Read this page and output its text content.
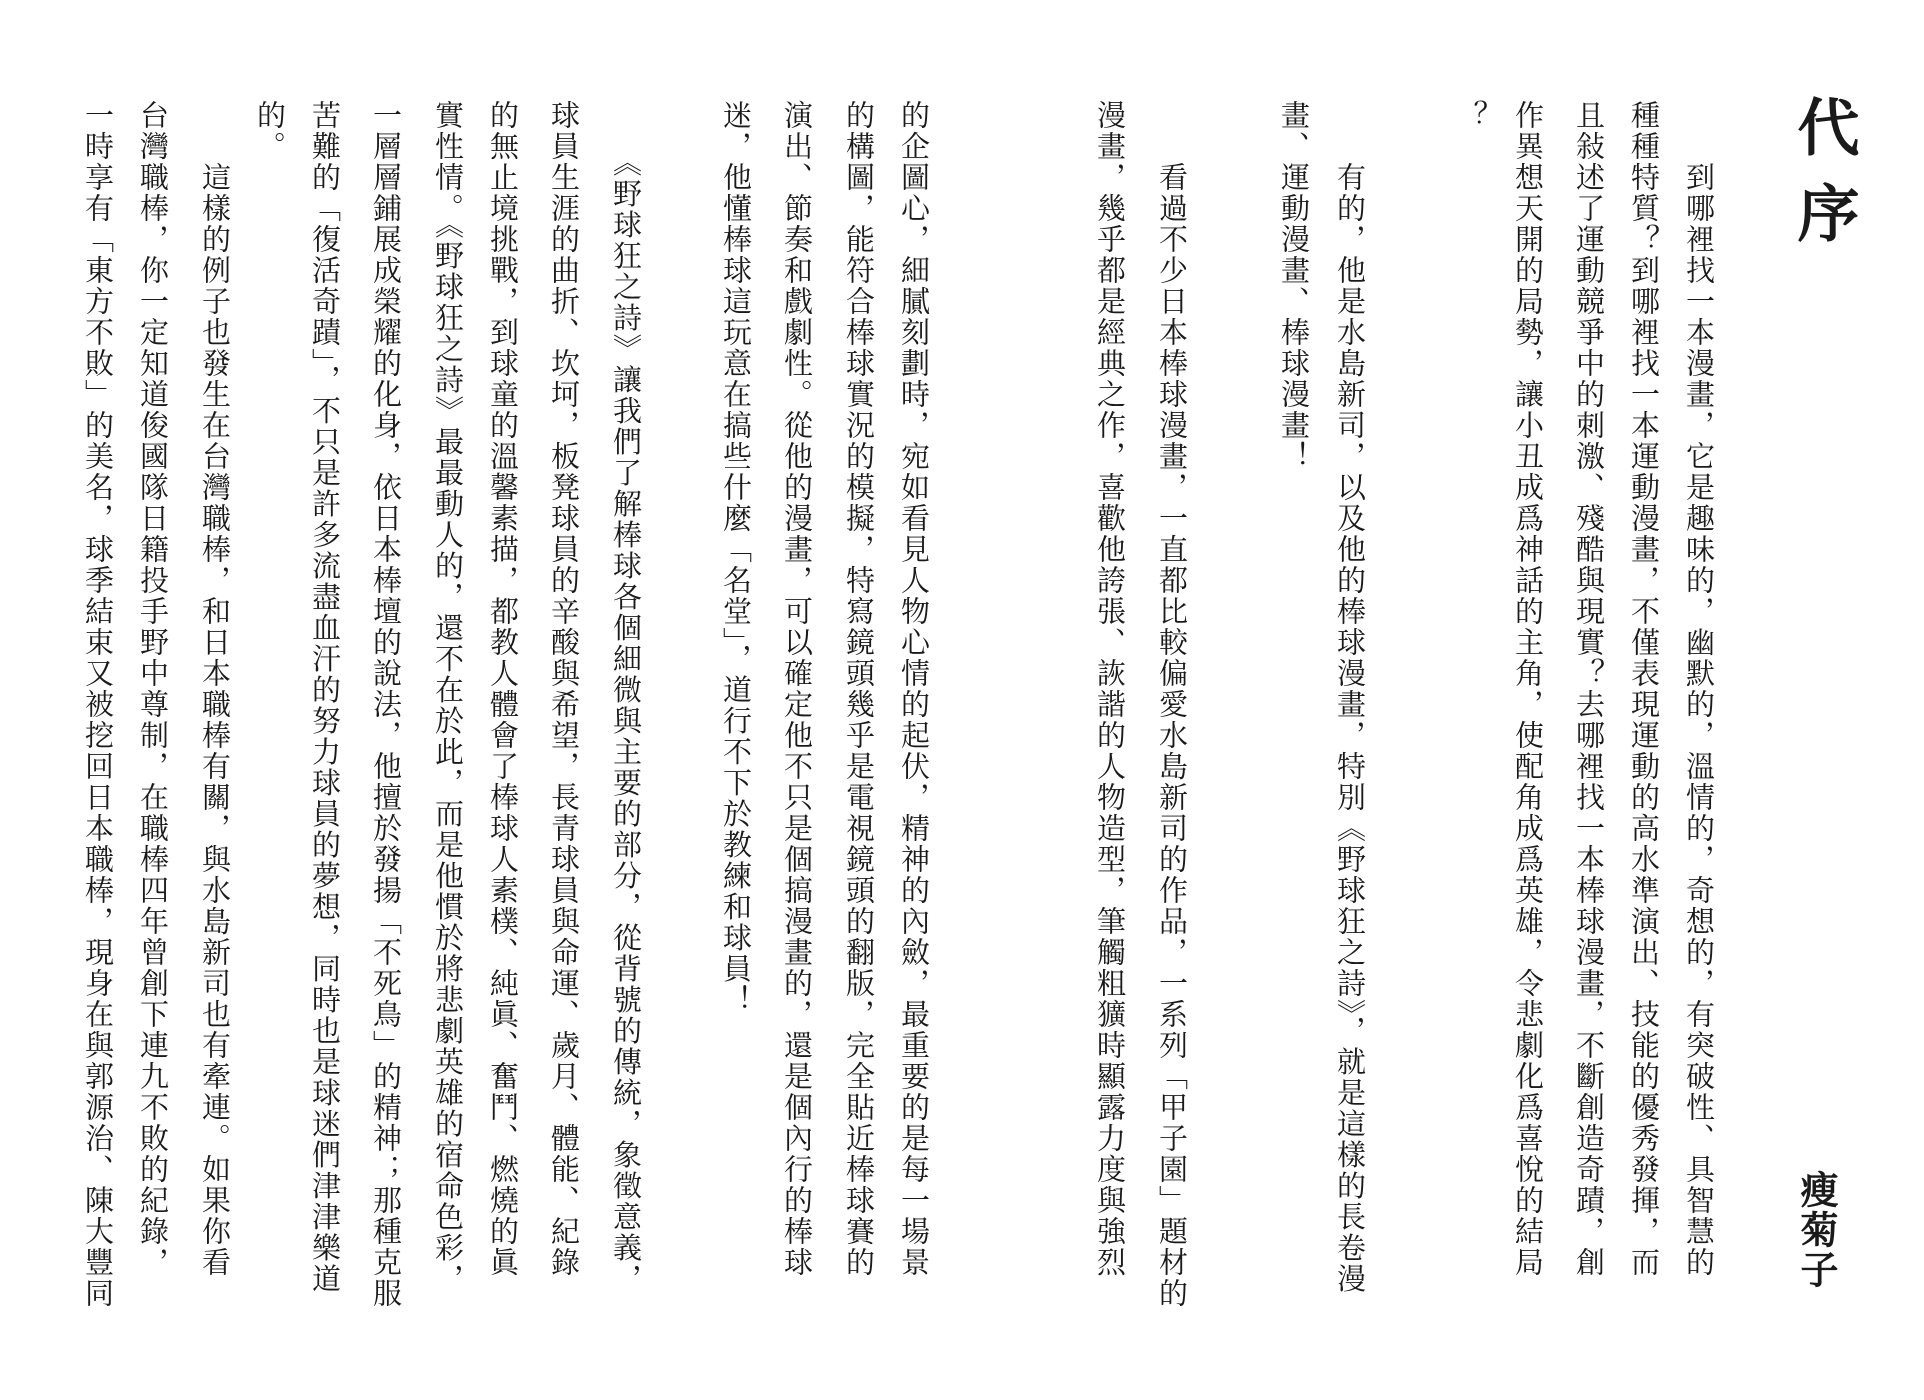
代序
瘦菊子
　　到哪裡找一本漫畫，它是趣味的，幽默的，溫情的，奇想的，有突破性、具智慧的
種種特質？到哪裡找一本運動漫畫，不僅表現運動的高水準演出、技能的優秀發揮，而
且敍述了運動競爭中的刺激、殘酷與現實？去哪裡找一本棒球漫畫，不斷創造奇蹟，創
作異想天開的局勢，讓小丑成爲神話的主角，使配角成爲英雄，令悲劇化爲喜悅的結局
？
　　有的，他是水島新司，以及他的棒球漫畫，特別《野球狂之詩》，就是這樣的長卷漫
畫、運動漫畫、棒球漫畫！
　　看過不少日本棒球漫畫，一直都比較偏愛水島新司的作品，一系列「甲子園」題材的
漫畫，幾乎都是經典之作，喜歡他誇張、詼諧的人物造型，筆觸粗獷時顯露力度與強烈
的企圖心，細膩刻劃時，宛如看見人物心情的起伏，精神的內斂，最重要的是每一場景
的構圖，能符合棒球實況的模擬，特寫鏡頭幾乎是電視鏡頭的翻版，完全貼近棒球賽的
演出、節奏和戲劇性。從他的漫畫，可以確定他不只是個搞漫畫的，還是個內行的棒球
迷，他懂棒球這玩意在搞些什麼「名堂」，道行不下於教練和球員！
　　《野球狂之詩》讓我們了解棒球各個細微與主要的部分，從背號的傳統，象徵意義，
球員生涯的曲折、坎坷，板凳球員的辛酸與希望，長青球員與命運、歲月、體能、紀錄
的無止境挑戰，到球童的溫馨素描，都教人體會了棒球人素樸、純眞、奮鬥、燃燒的眞
實性情。《野球狂之詩》最最動人的，還不在於此，而是他慣於將悲劇英雄的宿命色彩，
一層層鋪展成榮耀的化身，依日本棒壇的說法，他擅於發揚「不死鳥」的精神；那種克服
苦難的「復活奇蹟」，不只是許多流盡血汗的努力球員的夢想，同時也是球迷們津津樂道
的。
　　這樣的例子也發生在台灣職棒，和日本職棒有關，與水島新司也有牽連。如果你看
台灣職棒，你一定知道俊國隊日籍投手野中尊制，在職棒四年曾創下連九不敗的紀錄，
一時享有「東方不敗」的美名，球季結束又被挖回日本職棒，現身在與郭源治、陳大豐同
